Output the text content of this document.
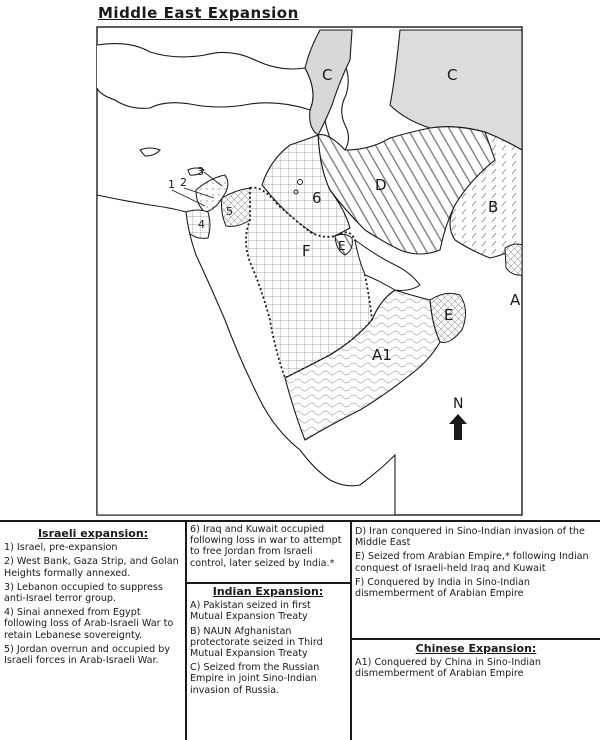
Middle East Expansion
C	C
D
B
A
6
F E
E
A1
1 2
3
4
5
N
Israeli expansion:
1) Israel, pre-expansion
2) West Bank, Gaza Strip, and Golan Heights formally annexed.
3) Lebanon occupied to suppress anti-Israel terror group.
4) Sinai annexed from Egypt following loss of Arab-Israeli War to retain Lebanese sovereignty.
5) Jordan overrun and occupied by Israeli forces in Arab-Israeli War.
6) Iraq and Kuwait occupied following loss in war to attempt to free Jordan from Israeli control, later seized by India.*
Indian Expansion:
A) Pakistan seized in first Mutual Expansion Treaty
B) NAUN Afghanistan protectorate seized in Third Mutual Expansion Treaty
C) Seized from the Russian Empire in joint Sino-Indian invasion of Russia.
D) Iran conquered in Sino-Indian invasion of the Middle East
E) Seized from Arabian Empire,* following Indian conquest of Israeli-held Iraq and Kuwait
F) Conquered by India in Sino-Indian dismemberment of Arabian Empire
Chinese Expansion:
A1) Conquered by China in Sino-Indian dismemberment of Arabian Empire
